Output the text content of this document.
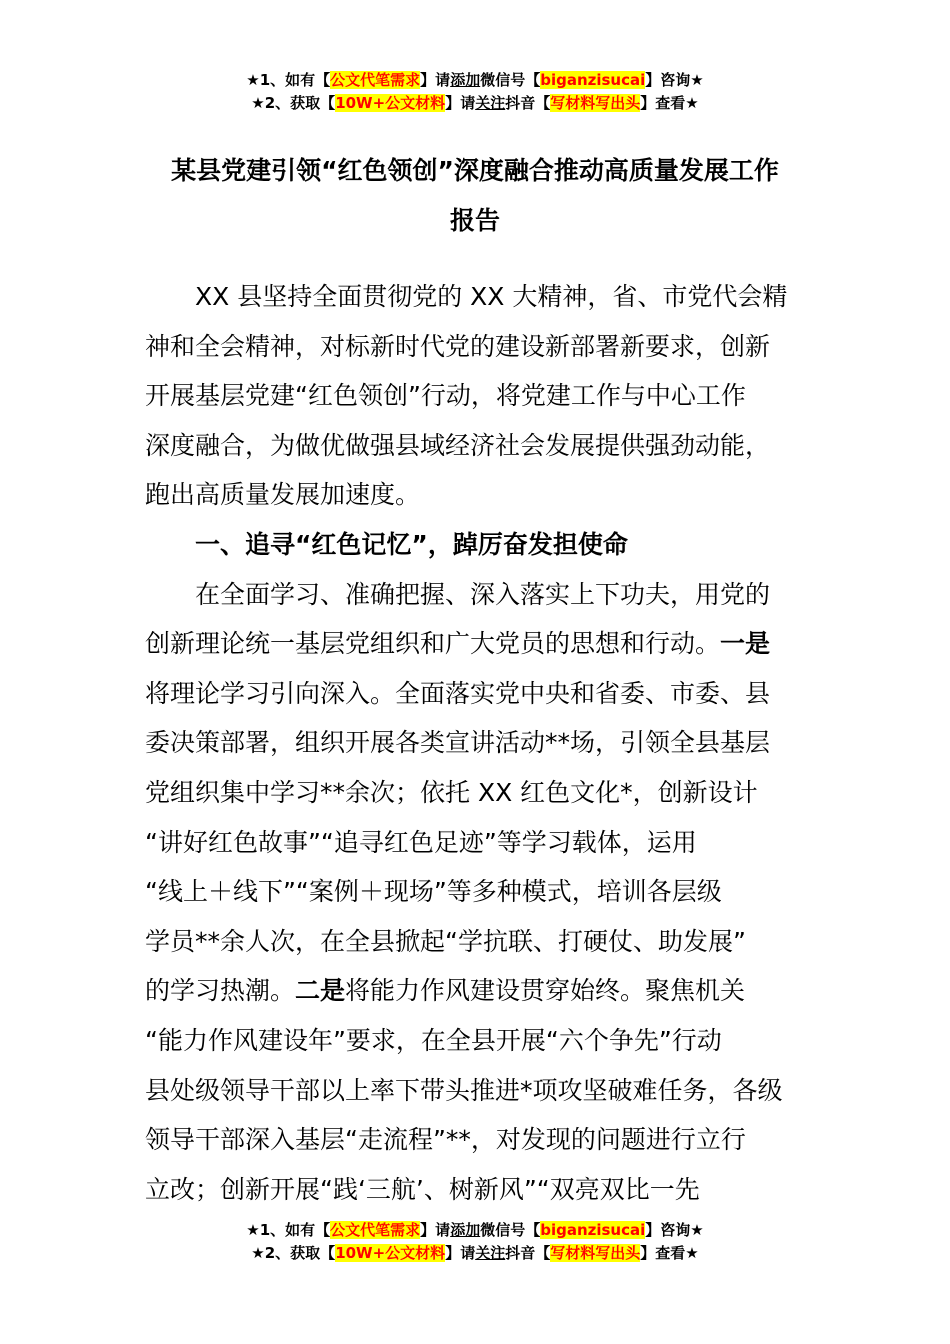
★1、如有【公文代笔需求】请添加微信号【biganzisucai】咨询★
★2、获取【10W+公文材料】请关注抖音【写材料写出头】查看★
某县党建引领“红色领创”深度融合推动高质量发展工作
报告
XX 县坚持全面贯彻党的 XX 大精神，省、市党代会精
神和全会精神，对标新时代党的建设新部署新要求，创新
开展基层党建“红色领创”行动，将党建工作与中心工作
深度融合，为做优做强县域经济社会发展提供强劲动能，
跑出高质量发展加速度。
一、追寻“红色记忆”，踔厉奋发担使命
在全面学习、准确把握、深入落实上下功夫，用党的
创新理论统一基层党组织和广大党员的思想和行动。一是
将理论学习引向深入。全面落实党中央和省委、市委、县
委决策部署，组织开展各类宣讲活动**场，引领全县基层
党组织集中学习**余次；依托 XX 红色文化*，创新设计
“讲好红色故事”“追寻红色足迹”等学习载体，运用
“线上＋线下”“案例＋现场”等多种模式，培训各层级
学员**余人次，在全县掀起“学抗联、打硬仗、助发展”
的学习热潮。二是将能力作风建设贯穿始终。聚焦机关
“能力作风建设年”要求，在全县开展“六个争先”行动
县处级领导干部以上率下带头推进*项攻坚破难任务，各级
领导干部深入基层“走流程”**，对发现的问题进行立行
立改；创新开展“践‘三航’、树新风”“双亮双比一先
★1、如有【公文代笔需求】请添加微信号【biganzisucai】咨询★
★2、获取【10W+公文材料】请关注抖音【写材料写出头】查看★
